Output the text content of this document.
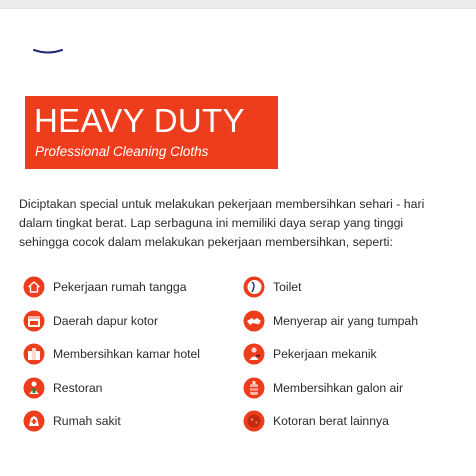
HEAVY DUTY
Professional Cleaning Cloths
Diciptakan special untuk melakukan pekerjaan membersihkan sehari - hari
dalam tingkat berat. Lap serbaguna ini memiliki daya serap yang tinggi
sehingga cocok dalam melakukan pekerjaan membersihkan, seperti:
Pekerjaan rumah tangga
Daerah dapur kotor
Membersihkan kamar hotel
Restoran
Rumah sakit
Toilet
Menyerap air yang tumpah
Pekerjaan mekanik
Membersihkan galon air
Kotoran berat lainnya
